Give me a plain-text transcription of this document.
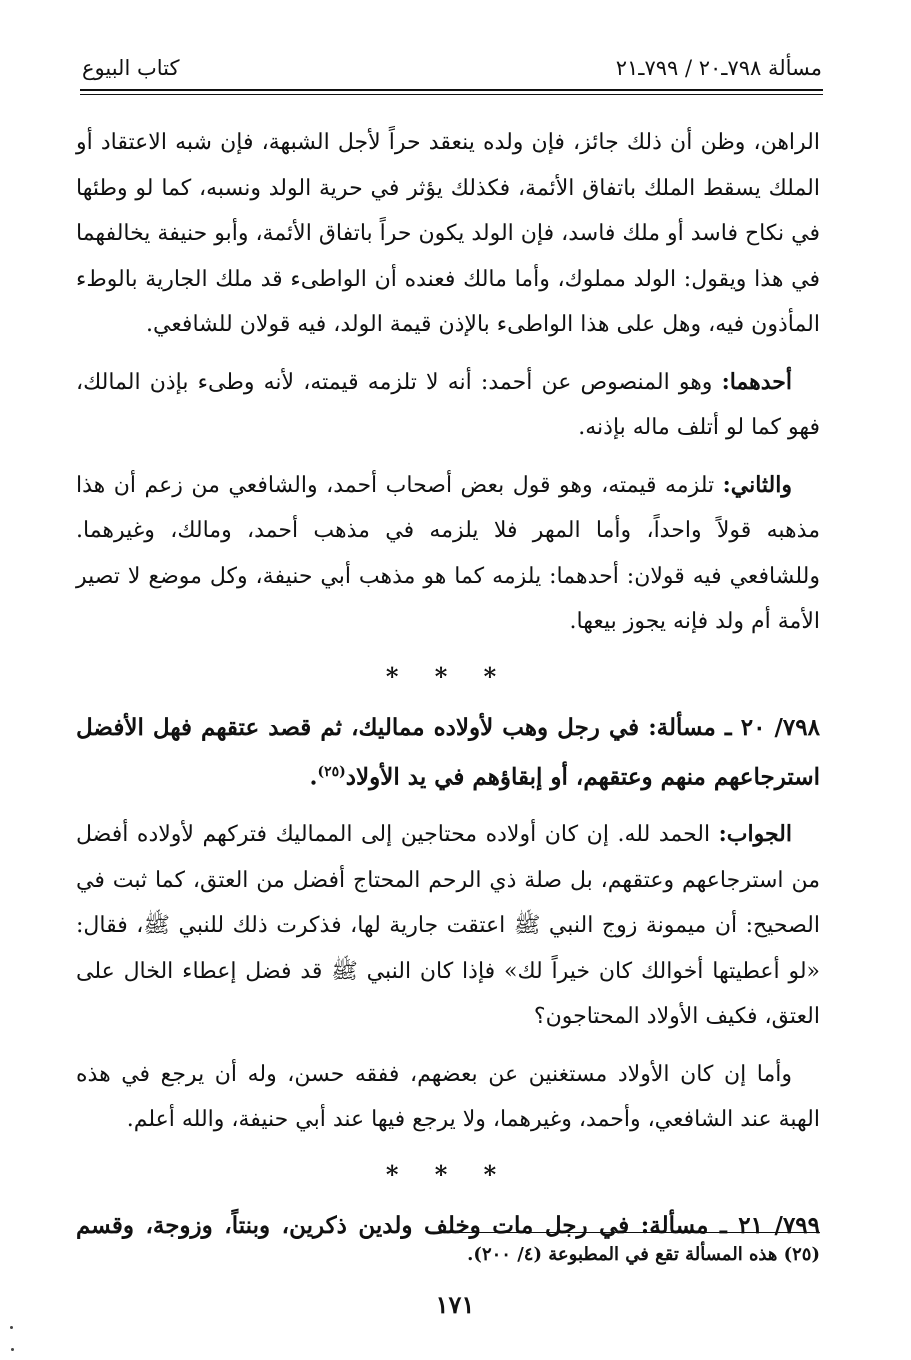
مسألة ٧٩٨ـ٢٠ / ٧٩٩ـ٢١
كتاب البيوع

الراهن، وظن أن ذلك جائز، فإن ولده ينعقد حراً لأجل الشبهة، فإن شبه الاعتقاد أو الملك يسقط الملك باتفاق الأئمة، فكذلك يؤثر في حرية الولد ونسبه، كما لو وطئها في نكاح فاسد أو ملك فاسد، فإن الولد يكون حراً باتفاق الأئمة، وأبو حنيفة يخالفهما في هذا ويقول: الولد مملوك، وأما مالك فعنده أن الواطىء قد ملك الجارية بالوطء المأذون فيه، وهل على هذا الواطىء بالإذن قيمة الولد، فيه قولان للشافعي.

أحدهما: وهو المنصوص عن أحمد: أنه لا تلزمه قيمته، لأنه وطىء بإذن المالك، فهو كما لو أتلف ماله بإذنه.

والثاني: تلزمه قيمته، وهو قول بعض أصحاب أحمد، والشافعي من زعم أن هذا مذهبه قولاً واحداً، وأما المهر فلا يلزمه في مذهب أحمد، ومالك، وغيرهما. وللشافعي فيه قولان: أحدهما: يلزمه كما هو مذهب أبي حنيفة، وكل موضع لا تصير الأمة أم ولد فإنه يجوز بيعها.

* * *

٧٩٨/ ٢٠ ـ مسألة: في رجل وهب لأولاده مماليك، ثم قصد عتقهم فهل الأفضل استرجاعهم منهم وعتقهم، أو إبقاؤهم في يد الأولاد$^{(٢٥)}$.

الجواب: الحمد لله. إن كان أولاده محتاجين إلى المماليك فتركهم لأولاده أفضل من استرجاعهم وعتقهم، بل صلة ذي الرحم المحتاج أفضل من العتق، كما ثبت في الصحيح: أن ميمونة زوج النبي ﷺ اعتقت جارية لها، فذكرت ذلك للنبي ﷺ، فقال: «لو أعطيتها أخوالك كان خيراً لك» فإذا كان النبي ﷺ قد فضل إعطاء الخال على العتق، فكيف الأولاد المحتاجون؟

وأما إن كان الأولاد مستغنين عن بعضهم، ففقه حسن، وله أن يرجع في هذه الهبة عند الشافعي، وأحمد، وغيرهما، ولا يرجع فيها عند أبي حنيفة، والله أعلم.

* * *

٧٩٩/ ٢١ ـ مسألة: في رجل مات وخلف ولدين ذكرين، وبنتاً، وزوجة، وقسم

(٢٥) هذه المسألة تقع في المطبوعة (٤/ ٢٠٠).
١٧١
